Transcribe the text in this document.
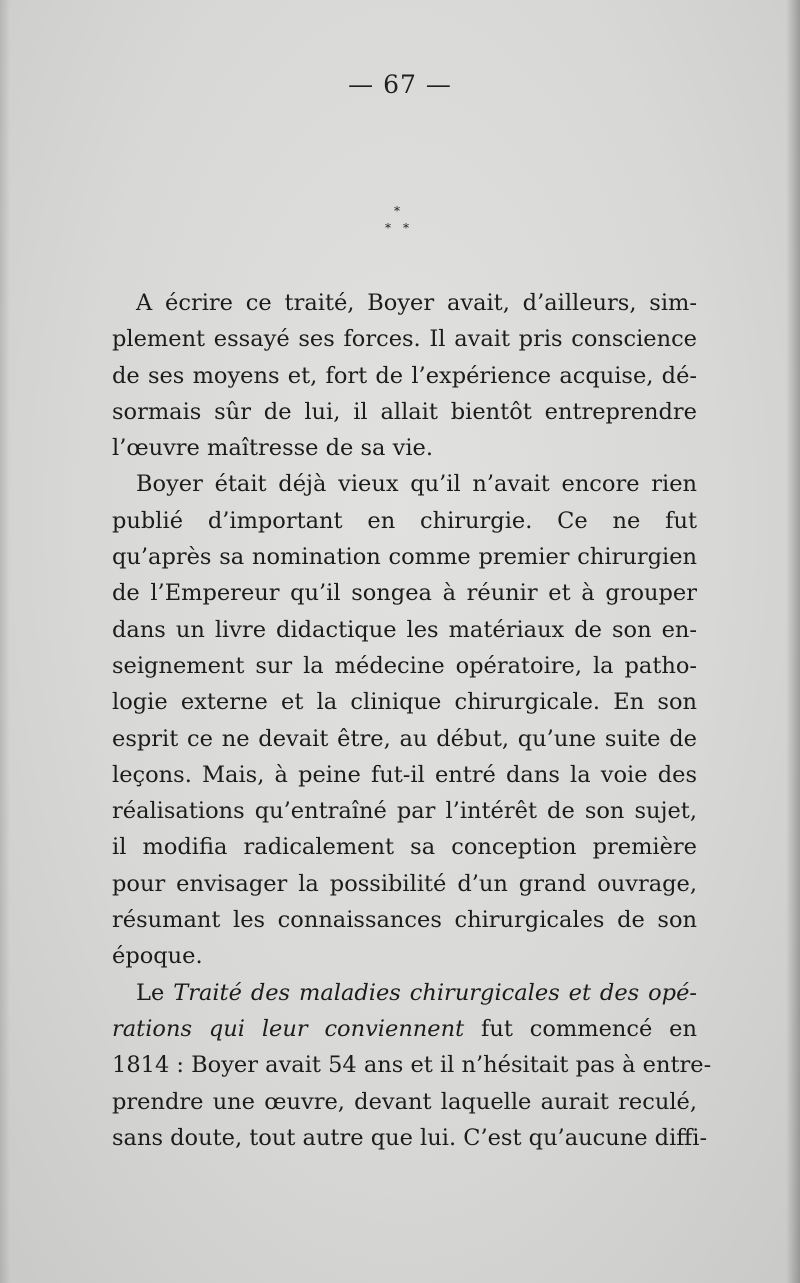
— 67 —
*
* *
A écrire ce traité, Boyer avait, d’ailleurs, sim-
plement essayé ses forces. Il avait pris conscience
de ses moyens et, fort de l’expérience acquise, dé-
sormais sûr de lui, il allait bientôt entreprendre
l’œuvre maîtresse de sa vie.
Boyer était déjà vieux qu’il n’avait encore rien
publié d’important en chirurgie. Ce ne fut
qu’après sa nomination comme premier chirurgien
de l’Empereur qu’il songea à réunir et à grouper
dans un livre didactique les matériaux de son en-
seignement sur la médecine opératoire, la patho-
logie externe et la clinique chirurgicale. En son
esprit ce ne devait être, au début, qu’une suite de
leçons. Mais, à peine fut-il entré dans la voie des
réalisations qu’entraîné par l’intérêt de son sujet,
il modifia radicalement sa conception première
pour envisager la possibilité d’un grand ouvrage,
résumant les connaissances chirurgicales de son
époque.
Le Traité des maladies chirurgicales et des opé-
rations qui leur conviennent fut commencé en
1814 : Boyer avait 54 ans et il n’hésitait pas à entre-
prendre une œuvre, devant laquelle aurait reculé,
sans doute, tout autre que lui. C’est qu’aucune diffi-
